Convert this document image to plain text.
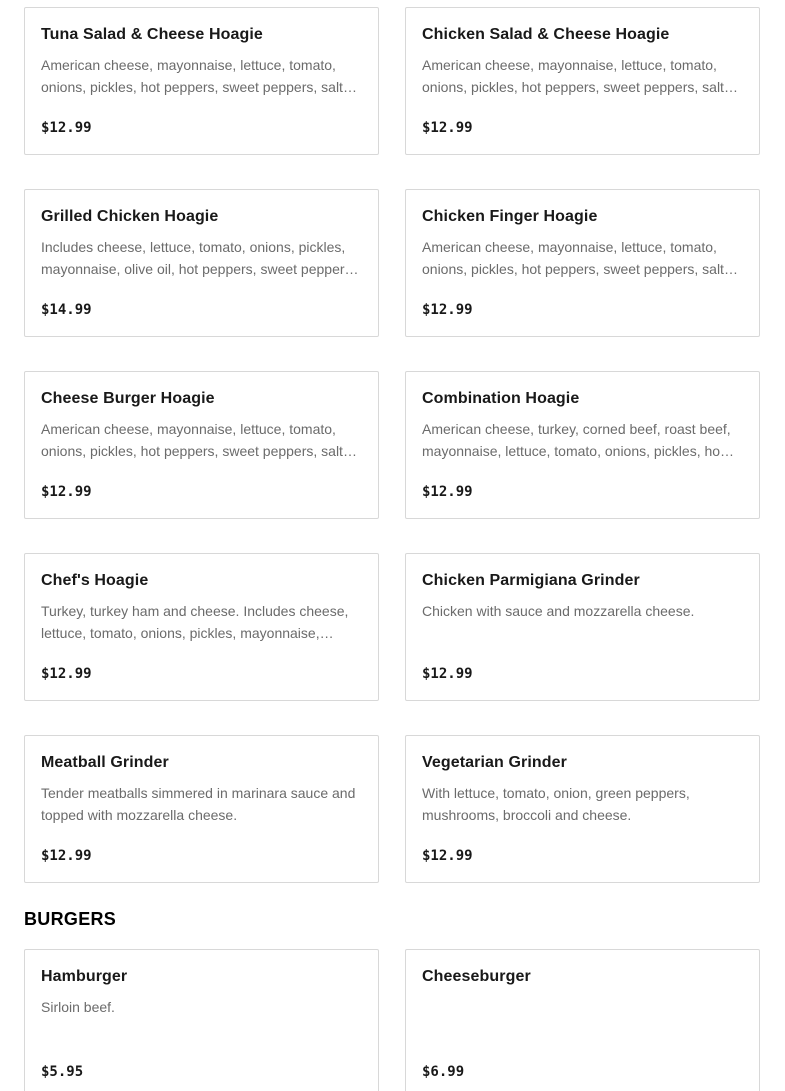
Tuna Salad & Cheese Hoagie
American cheese, mayonnaise, lettuce, tomato, onions, pickles, hot peppers, sweet peppers, salt…
$12.99
Chicken Salad & Cheese Hoagie
American cheese, mayonnaise, lettuce, tomato, onions, pickles, hot peppers, sweet peppers, salt…
$12.99
Grilled Chicken Hoagie
Includes cheese, lettuce, tomato, onions, pickles, mayonnaise, olive oil, hot peppers, sweet pepper…
$14.99
Chicken Finger Hoagie
American cheese, mayonnaise, lettuce, tomato, onions, pickles, hot peppers, sweet peppers, salt…
$12.99
Cheese Burger Hoagie
American cheese, mayonnaise, lettuce, tomato, onions, pickles, hot peppers, sweet peppers, salt…
$12.99
Combination Hoagie
American cheese, turkey, corned beef, roast beef, mayonnaise, lettuce, tomato, onions, pickles, ho…
$12.99
Chef's Hoagie
Turkey, turkey ham and cheese. Includes cheese, lettuce, tomato, onions, pickles, mayonnaise,…
$12.99
Chicken Parmigiana Grinder
Chicken with sauce and mozzarella cheese.
$12.99
Meatball Grinder
Tender meatballs simmered in marinara sauce and topped with mozzarella cheese.
$12.99
Vegetarian Grinder
With lettuce, tomato, onion, green peppers, mushrooms, broccoli and cheese.
$12.99
BURGERS
Hamburger
Sirloin beef.
$5.95
Cheeseburger
$6.99
